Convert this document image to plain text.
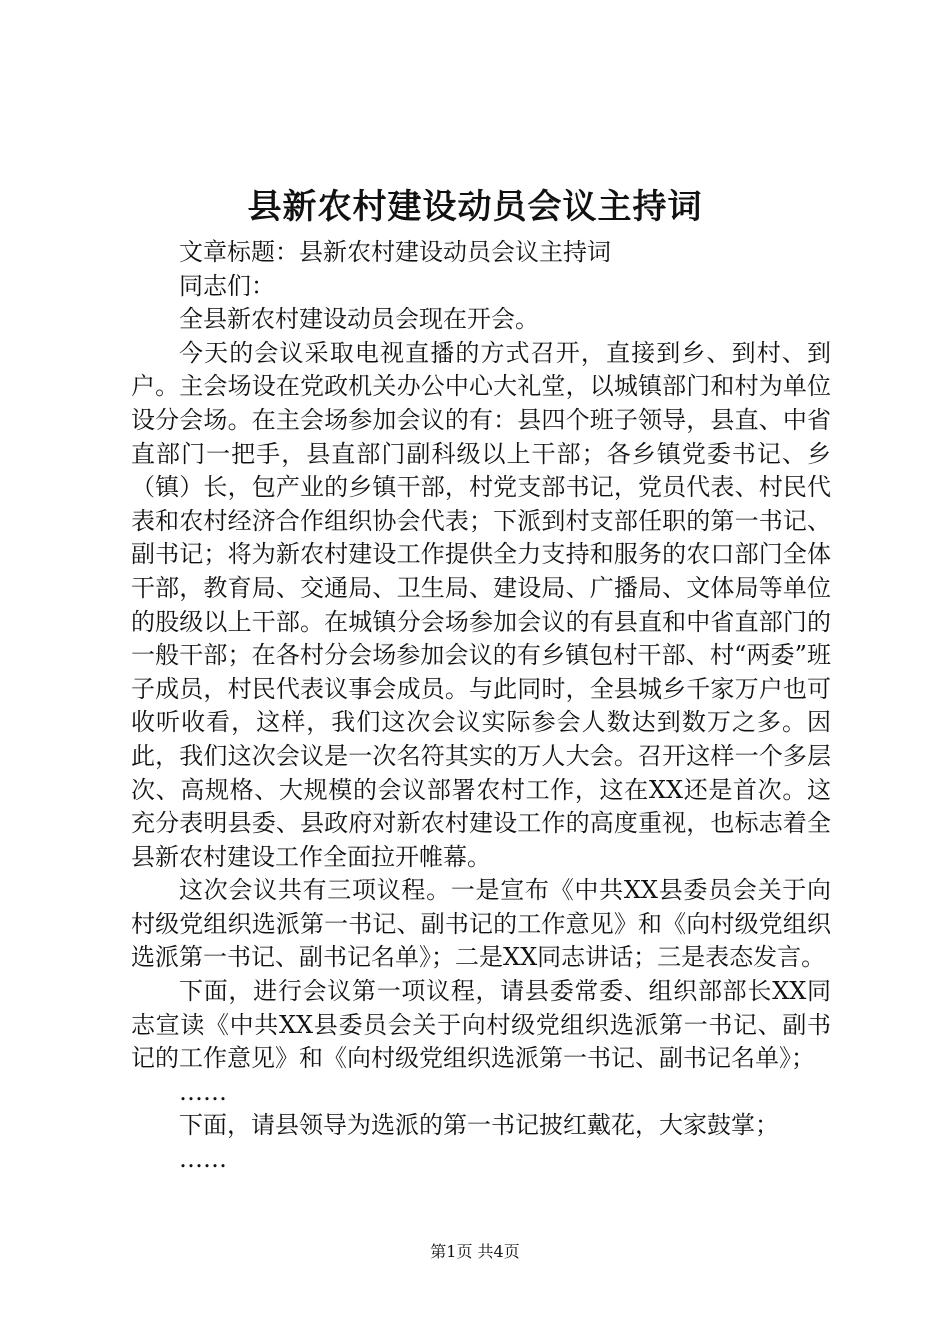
县新农村建设动员会议主持词

文章标题：县新农村建设动员会议主持词

同志们：

全县新农村建设动员会现在开会。

今天的会议采取电视直播的方式召开，直接到乡、到村、到户。主会场设在党政机关办公中心大礼堂，以城镇部门和村为单位设分会场。在主会场参加会议的有：县四个班子领导，县直、中省直部门一把手，县直部门副科级以上干部；各乡镇党委书记、乡（镇）长，包产业的乡镇干部，村党支部书记，党员代表、村民代表和农村经济合作组织协会代表；下派到村支部任职的第一书记、副书记；将为新农村建设工作提供全力支持和服务的农口部门全体干部，教育局、交通局、卫生局、建设局、广播局、文体局等单位的股级以上干部。在城镇分会场参加会议的有县直和中省直部门的一般干部；在各村分会场参加会议的有乡镇包村干部、村“两委”班子成员，村民代表议事会成员。与此同时，全县城乡千家万户也可收听收看，这样，我们这次会议实际参会人数达到数万之多。因此，我们这次会议是一次名符其实的万人大会。召开这样一个多层次、高规格、大规模的会议部署农村工作，这在XX还是首次。这充分表明县委、县政府对新农村建设工作的高度重视，也标志着全县新农村建设工作全面拉开帷幕。

这次会议共有三项议程。一是宣布《中共XX县委员会关于向村级党组织选派第一书记、副书记的工作意见》和《向村级党组织选派第一书记、副书记名单》；二是XX同志讲话；三是表态发言。

下面，进行会议第一项议程，请县委常委、组织部部长XX同志宣读《中共XX县委员会关于向村级党组织选派第一书记、副书记的工作意见》和《向村级党组织选派第一书记、副书记名单》；

……

下面，请县领导为选派的第一书记披红戴花，大家鼓掌；

……

第1页 共4页
